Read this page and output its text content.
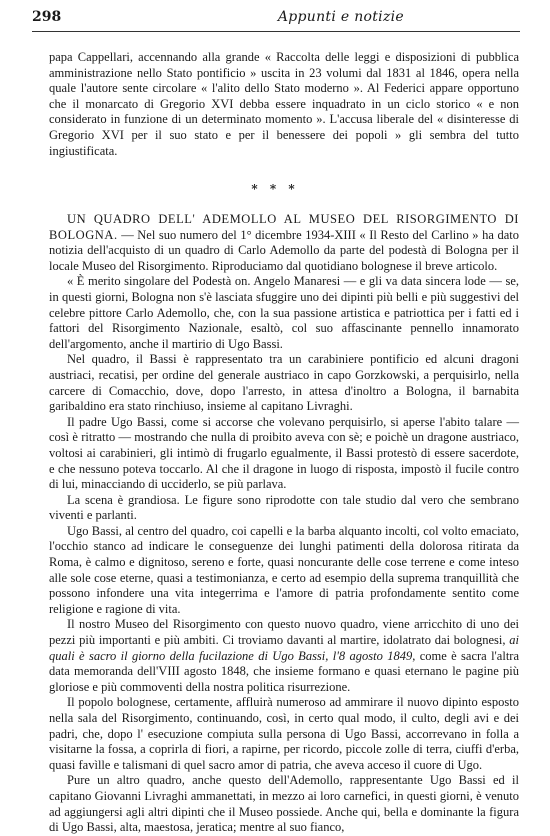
298	Appunti e notizie

papa Cappellari, accennando alla grande « Raccolta delle leggi e disposizioni di pubblica amministrazione nello Stato pontificio » uscita in 23 volumi dal 1831 al 1846, opera nella quale l'autore sente circolare « l'alito dello Stato moderno ». Al Federici appare opportuno che il monarcato di Gregorio XVI debba essere inquadrato in un ciclo storico « e non considerato in funzione di un determinato momento ». L'accusa liberale del « disinteresse di Gregorio XVI per il suo stato e per il benessere dei popoli » gli sembra del tutto ingiustificata.

* * *

UN QUADRO DELL' ADEMOLLO AL MUSEO DEL RISORGIMENTO DI BOLOGNA. — Nel suo numero del 1° dicembre 1934-XIII « Il Resto del Carlino » ha dato notizia dell'acquisto di un quadro di Carlo Ademollo da parte del podestà di Bologna per il locale Museo del Risorgimento. Riproduciamo dal quotidiano bolognese il breve articolo.

« È merito singolare del Podestà on. Angelo Manaresi — e gli va data sincera lode — se, in questi giorni, Bologna non s'è lasciata sfuggire uno dei dipinti più belli e più suggestivi del celebre pittore Carlo Ademollo, che, con la sua passione artistica e patriottica per i fatti ed i fattori del Risorgimento Nazionale, esaltò, col suo affascinante pennello innamorato dell'argomento, anche il martirio di Ugo Bassi.

Nel quadro, il Bassi è rappresentato tra un carabiniere pontificio ed alcuni dragoni austriaci, recatisi, per ordine del generale austriaco in capo Gorzkowski, a perquisirlo, nella carcere di Comacchio, dove, dopo l'arresto, in attesa d'inoltro a Bologna, il barnabita garibaldino era stato rinchiuso, insieme al capitano Livraghi.

Il padre Ugo Bassi, come si accorse che volevano perquisirlo, si aperse l'abito talare — così è ritratto — mostrando che nulla di proibito aveva con sè; e poichè un dragone austriaco, voltosi ai carabinieri, gli intimò di frugarlo egualmente, il Bassi protestò di essere sacerdote, e che nessuno poteva toccarlo. Al che il dragone in luogo di risposta, impostò il fucile contro di lui, minacciando di ucciderlo, se più parlava.

La scena è grandiosa. Le figure sono riprodotte con tale studio dal vero che sembrano viventi e parlanti.

Ugo Bassi, al centro del quadro, coi capelli e la barba alquanto incolti, col volto emaciato, l'occhio stanco ad indicare le conseguenze dei lunghi patimenti della dolorosa ritirata da Roma, è calmo e dignitoso, sereno e forte, quasi noncurante delle cose terrene e come inteso alle sole cose eterne, quasi a testimonianza, e certo ad esempio della suprema tranquillità che possono infondere una vita integerrima e l'amore di patria profondamente sentito come religione e ragione di vita.

Il nostro Museo del Risorgimento con questo nuovo quadro, viene arricchito di uno dei pezzi più importanti e più ambiti. Ci troviamo davanti al martire, idolatrato dai bolognesi, ai quali è sacro il giorno della fucilazione di Ugo Bassi, l'8 agosto 1849, come è sacra l'altra data memoranda dell'VIII agosto 1848, che insieme formano e quasi eternano le pagine più gloriose e più commoventi della nostra politica risurrezione.

Il popolo bolognese, certamente, affluirà numeroso ad ammirare il nuovo dipinto esposto nella sala del Risorgimento, continuando, così, in certo qual modo, il culto, degli avi e dei padri, che, dopo l' esecuzione compiuta sulla persona di Ugo Bassi, accorrevano in folla a visitarne la fossa, a coprirla di fiori, a rapirne, per ricordo, piccole zolle di terra, ciuffi d'erba, quasi favìlle e talismani di quel sacro amor di patria, che aveva acceso il cuore di Ugo.

Pure un altro quadro, anche questo dell'Ademollo, rappresentante Ugo Bassi ed il capitano Giovanni Livraghi ammanettati, in mezzo ai loro carnefici, in questi giorni, è venuto ad aggiungersi agli altri dipinti che il Museo possiede. Anche qui, bella e dominante la figura di Ugo Bassi, alta, maestosa, jeratica; mentre al suo fianco,
